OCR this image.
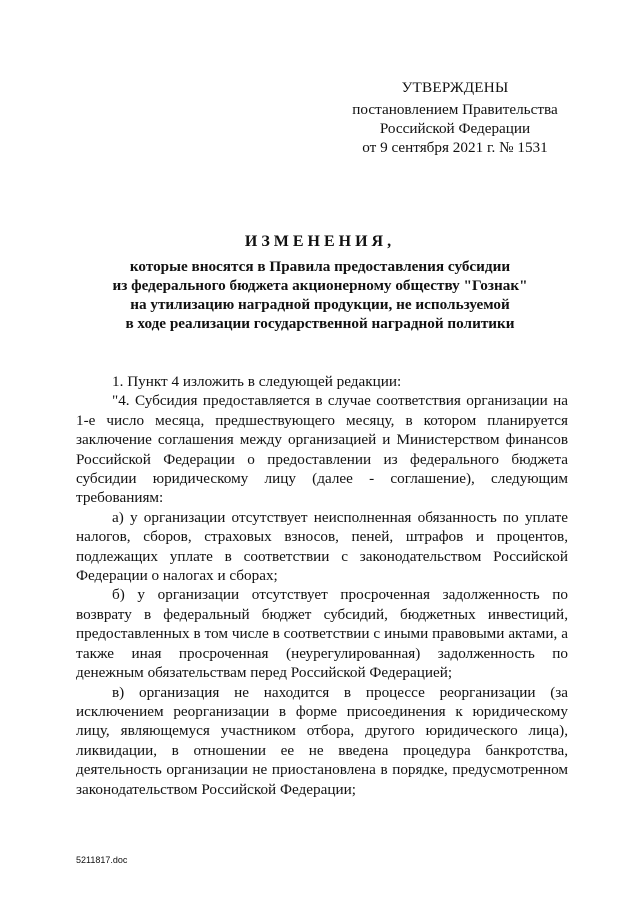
УТВЕРЖДЕНЫ
постановлением Правительства
Российской Федерации
от 9 сентября 2021 г. № 1531
ИЗМЕНЕНИЯ,
которые вносятся в Правила предоставления субсидии
из федерального бюджета акционерному обществу "Гознак"
на утилизацию наградной продукции, не используемой
в ходе реализации государственной наградной политики

1. Пункт 4 изложить в следующей редакции:

"4. Субсидия предоставляется в случае соответствия организации на 1-е число месяца, предшествующего месяцу, в котором планируется заключение соглашения между организацией и Министерством финансов Российской Федерации о предоставлении из федерального бюджета субсидии юридическому лицу (далее - соглашение), следующим требованиям:

а) у организации отсутствует неисполненная обязанность по уплате налогов, сборов, страховых взносов, пеней, штрафов и процентов, подлежащих уплате в соответствии с законодательством Российской Федерации о налогах и сборах;

б) у организации отсутствует просроченная задолженность по возврату в федеральный бюджет субсидий, бюджетных инвестиций, предоставленных в том числе в соответствии с иными правовыми актами, а также иная просроченная (неурегулированная) задолженность по денежным обязательствам перед Российской Федерацией;

в) организация не находится в процессе реорганизации (за исключением реорганизации в форме присоединения к юридическому лицу, являющемуся участником отбора, другого юридического лица), ликвидации, в отношении ее не введена процедура банкротства, деятельность организации не приостановлена в порядке, предусмотренном законодательством Российской Федерации;

5211817.doc
